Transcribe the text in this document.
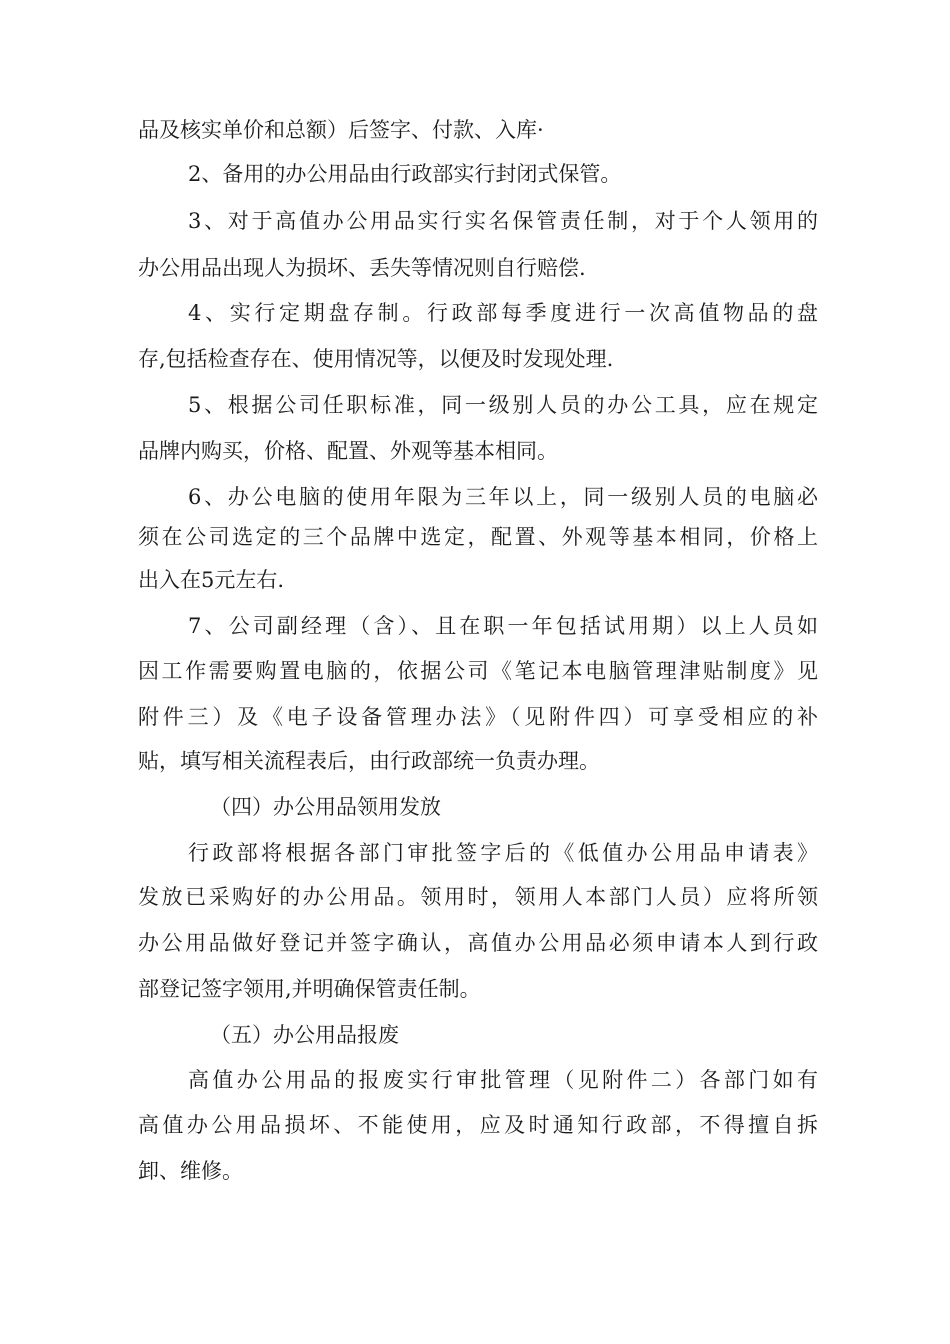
品及核实单价和总额）后签字、付款、入库·
2、备用的办公用品由行政部实行封闭式保管。
3、对于高值办公用品实行实名保管责任制，对于个人领用的
办公用品出现人为损坏、丢失等情况则自行赔偿.
4、实行定期盘存制。行政部每季度进行一次高值物品的盘
存,包括检查存在、使用情况等，以便及时发现处理.
5、根据公司任职标准，同一级别人员的办公工具，应在规定
品牌内购买，价格、配置、外观等基本相同。
6、办公电脑的使用年限为三年以上，同一级别人员的电脑必
须在公司选定的三个品牌中选定，配置、外观等基本相同，价格上
出入在5元左右.
7、公司副经理（含）、且在职一年包括试用期）以上人员如
因工作需要购置电脑的，依据公司《笔记本电脑管理津贴制度》见
附件三）及《电子设备管理办法》（见附件四）可享受相应的补
贴，填写相关流程表后，由行政部统一负责办理。
（四）办公用品领用发放
行政部将根据各部门审批签字后的《低值办公用品申请表》
发放已采购好的办公用品。领用时，领用人本部门人员）应将所领
办公用品做好登记并签字确认，高值办公用品必须申请本人到行政
部登记签字领用,并明确保管责任制。
（五）办公用品报废
高值办公用品的报废实行审批管理（见附件二）各部门如有
高值办公用品损坏、不能使用，应及时通知行政部，不得擅自拆
卸、维修。
